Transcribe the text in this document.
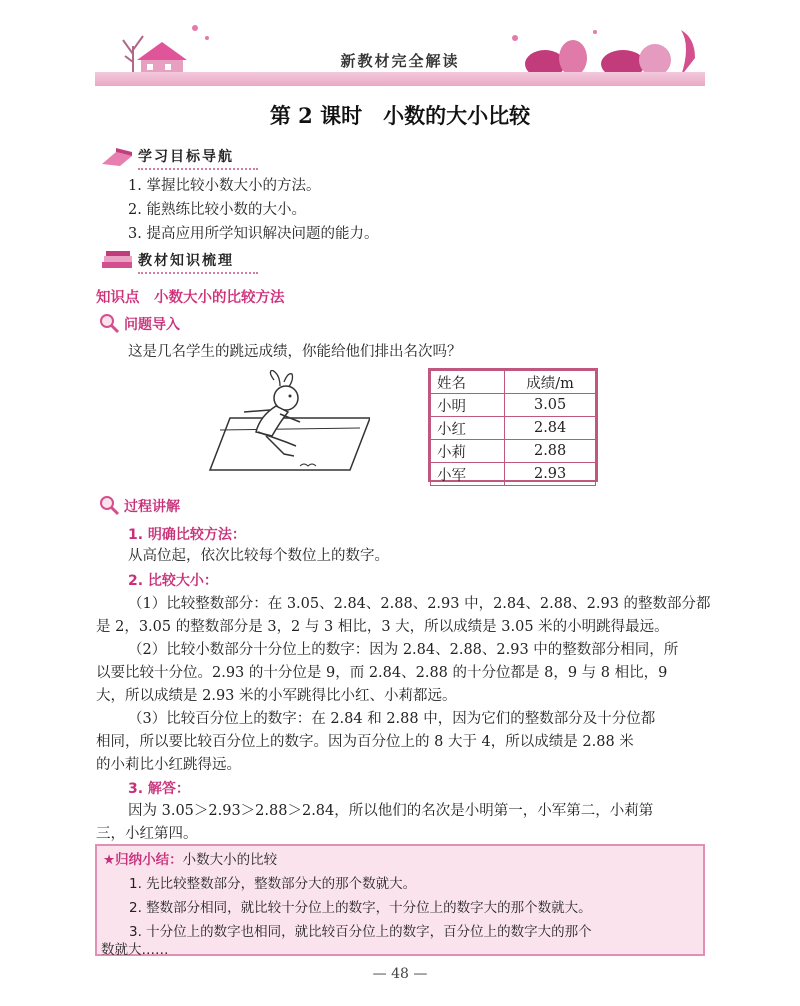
新教材完全解读
第 2 课时　小数的大小比较
学习目标导航
1. 掌握比较小数大小的方法。
2. 能熟练比较小数的大小。
3. 提高应用所学知识解决问题的能力。
教材知识梳理
知识点　小数大小的比较方法
问题导入
这是几名学生的跳远成绩，你能给他们排出名次吗？
姓名	成绩/m
小明	3.05
小红	2.84
小莉	2.88
小军	2.93
过程讲解
1. 明确比较方法：
从高位起，依次比较每个数位上的数字。
2. 比较大小：
（1）比较整数部分：在 3.05、2.84、2.88、2.93 中，2.84、2.88、2.93 的整数部分都
是 2，3.05 的整数部分是 3，2 与 3 相比，3 大，所以成绩是 3.05 米的小明跳得最远。
（2）比较小数部分十分位上的数字：因为 2.84、2.88、2.93 中的整数部分相同，所
以要比较十分位。2.93 的十分位是 9，而 2.84、2.88 的十分位都是 8，9 与 8 相比，9
大，所以成绩是 2.93 米的小军跳得比小红、小莉都远。
（3）比较百分位上的数字：在 2.84 和 2.88 中，因为它们的整数部分及十分位都
相同，所以要比较百分位上的数字。因为百分位上的 8 大于 4，所以成绩是 2.88 米
的小莉比小红跳得远。
3. 解答：
因为 3.05＞2.93＞2.88＞2.84，所以他们的名次是小明第一，小军第二，小莉第
三，小红第四。
★归纳小结：小数大小的比较
1. 先比较整数部分，整数部分大的那个数就大。
2. 整数部分相同，就比较十分位上的数字，十分位上的数字大的那个数就大。
3. 十分位上的数字也相同，就比较百分位上的数字，百分位上的数字大的那个
数就大……
— 48 —
